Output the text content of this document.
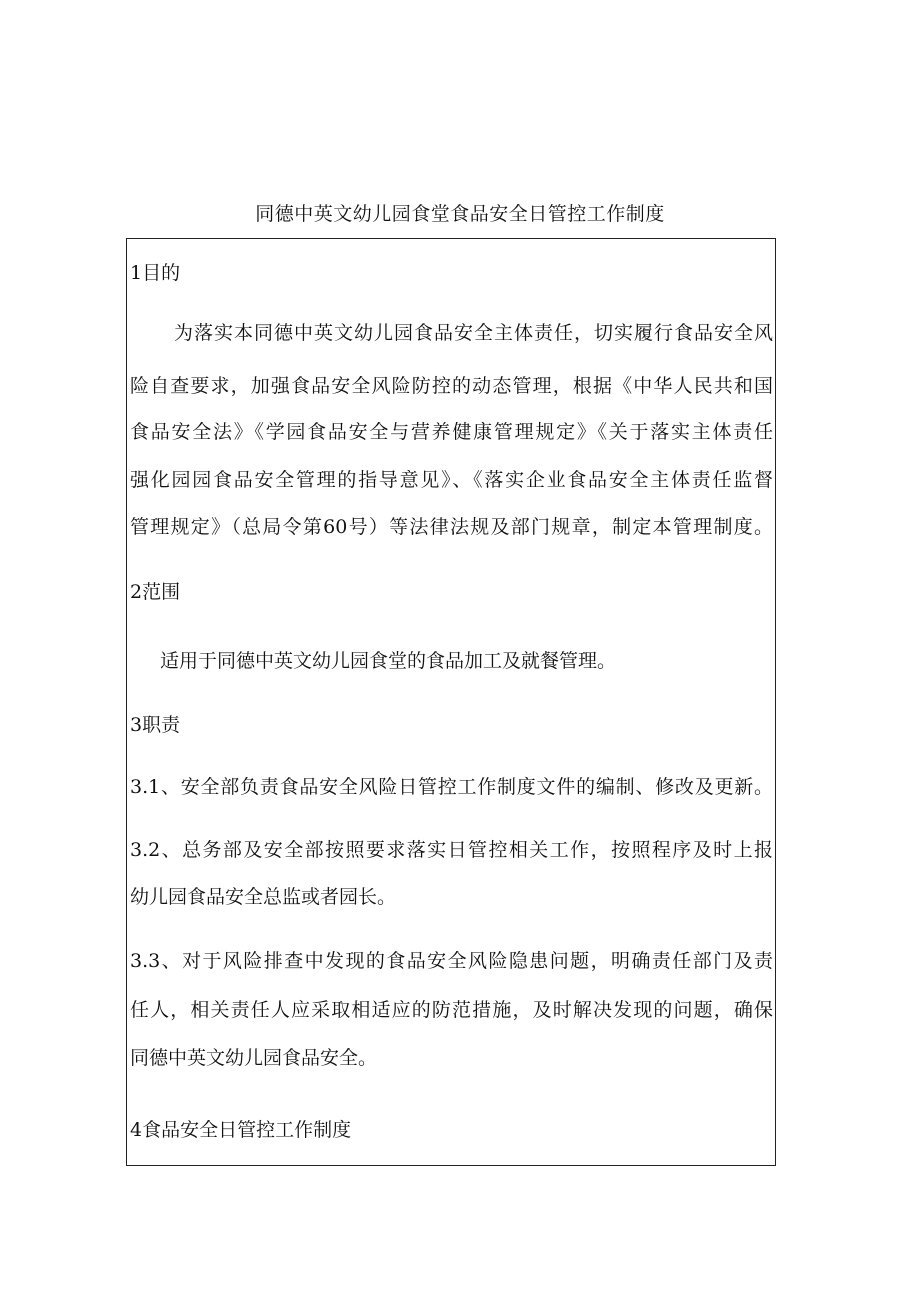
同德中英文幼儿园食堂食品安全日管控工作制度
1目的
为落实本同德中英文幼儿园食品安全主体责任，切实履行食品安全风
险自查要求，加强食品安全风险防控的动态管理，根据《中华人民共和国
食品安全法》《学园食品安全与营养健康管理规定》《关于落实主体责任
强化园园食品安全管理的指导意见》、《落实企业食品安全主体责任监督
管理规定》（总局令第60号）等法律法规及部门规章，制定本管理制度。
2范围
适用于同德中英文幼儿园食堂的食品加工及就餐管理。
3职责
3.1、安全部负责食品安全风险日管控工作制度文件的编制、修改及更新。
3.2、总务部及安全部按照要求落实日管控相关工作，按照程序及时上报
幼儿园食品安全总监或者园长。
3.3、对于风险排查中发现的食品安全风险隐患问题，明确责任部门及责
任人，相关责任人应采取相适应的防范措施，及时解决发现的问题，确保
同德中英文幼儿园食品安全。
4食品安全日管控工作制度
